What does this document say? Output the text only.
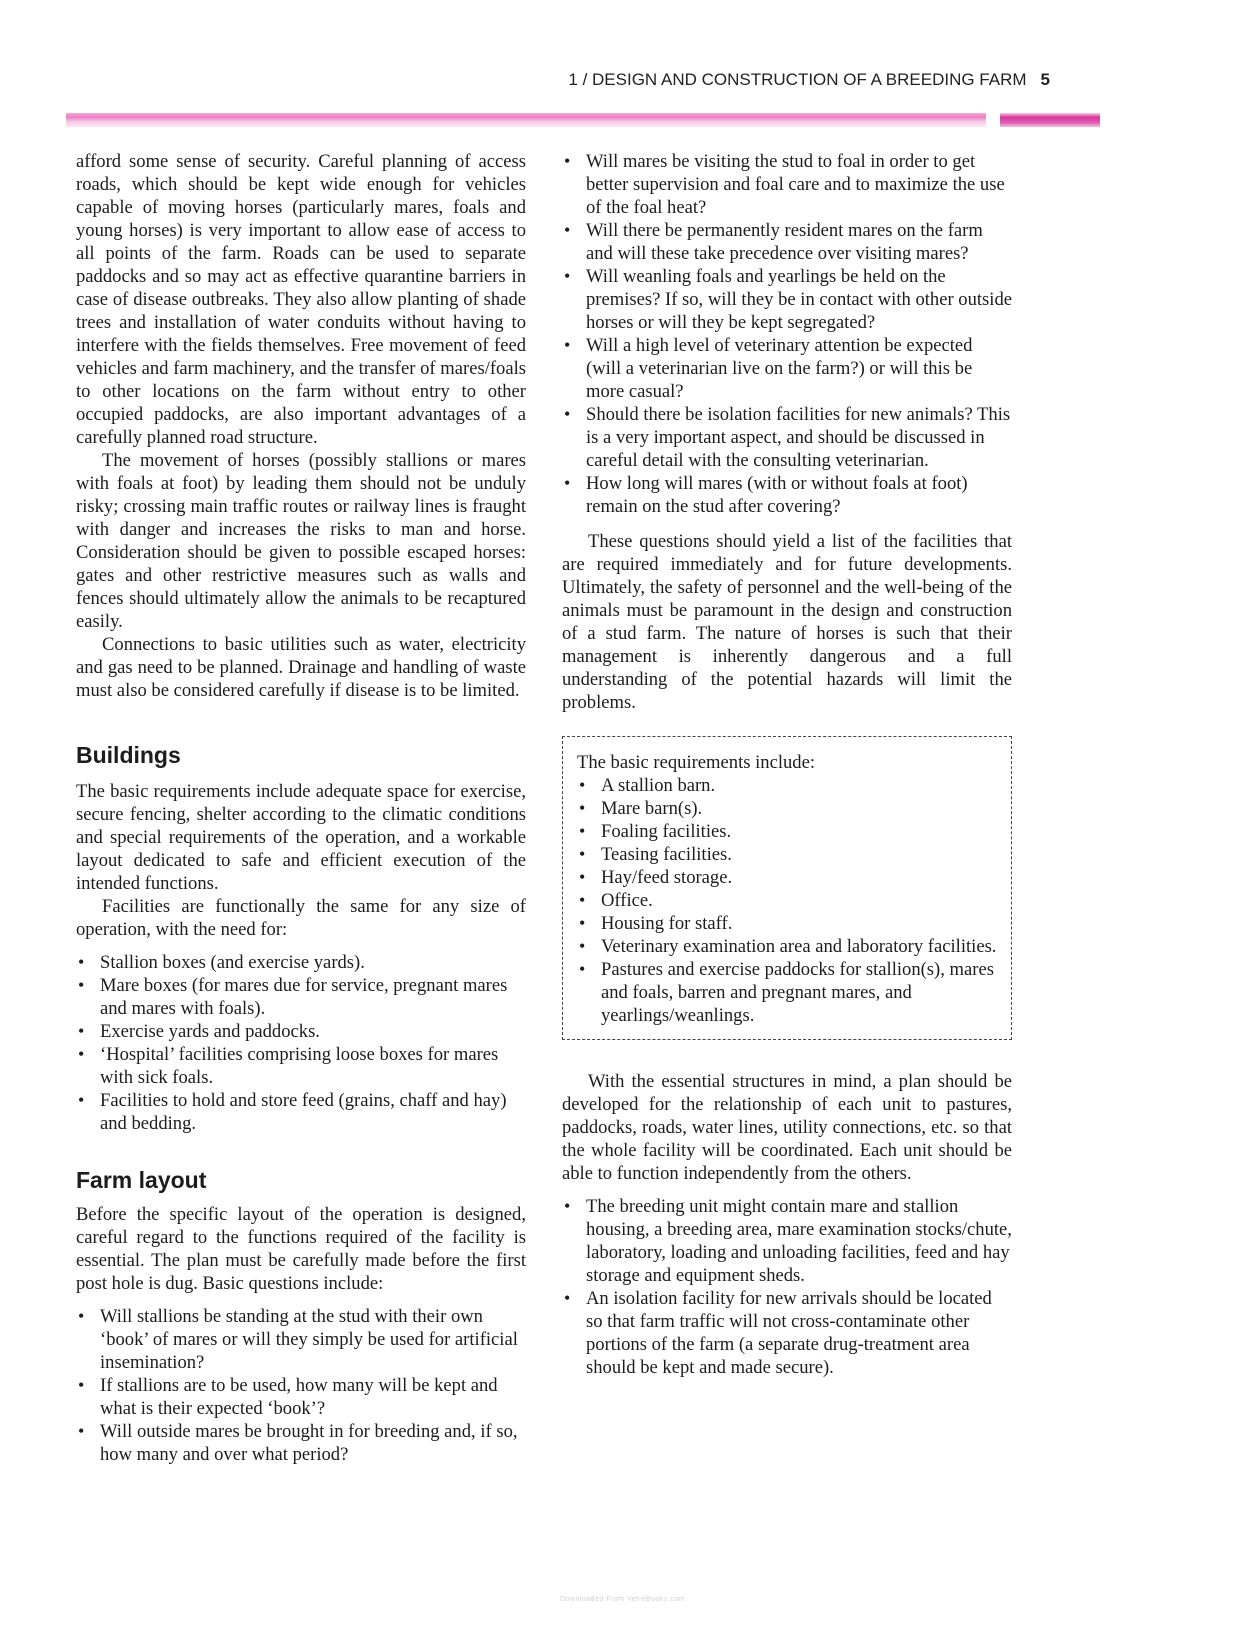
1 / DESIGN AND CONSTRUCTION OF A BREEDING FARM 5

afford some sense of security. Careful planning of access roads, which should be kept wide enough for vehicles capable of moving horses (particularly mares, foals and young horses) is very important to allow ease of access to all points of the farm. Roads can be used to separate paddocks and so may act as effective quarantine barriers in case of disease outbreaks. They also allow planting of shade trees and installation of water conduits without having to interfere with the fields themselves. Free movement of feed vehicles and farm machinery, and the transfer of mares/foals to other locations on the farm without entry to other occupied paddocks, are also important advantages of a carefully planned road structure.

The movement of horses (possibly stallions or mares with foals at foot) by leading them should not be unduly risky; crossing main traffic routes or railway lines is fraught with danger and increases the risks to man and horse. Consideration should be given to possible escaped horses: gates and other restrictive measures such as walls and fences should ultimately allow the animals to be recaptured easily.

Connections to basic utilities such as water, electricity and gas need to be planned. Drainage and handling of waste must also be considered carefully if disease is to be limited.

Buildings

The basic requirements include adequate space for exercise, secure fencing, shelter according to the climatic conditions and special requirements of the operation, and a workable layout dedicated to safe and efficient execution of the intended functions.

Facilities are functionally the same for any size of operation, with the need for:

• Stallion boxes (and exercise yards).
• Mare boxes (for mares due for service, pregnant mares and mares with foals).
• Exercise yards and paddocks.
• ‘Hospital’ facilities comprising loose boxes for mares with sick foals.
• Facilities to hold and store feed (grains, chaff and hay) and bedding.
Farm layout

Before the specific layout of the operation is designed, careful regard to the functions required of the facility is essential. The plan must be carefully made before the first post hole is dug. Basic questions include:

• Will stallions be standing at the stud with their own ‘book’ of mares or will they simply be used for artificial insemination?
• If stallions are to be used, how many will be kept and what is their expected ‘book’?
• Will outside mares be brought in for breeding and, if so, how many and over what period?
• Will mares be visiting the stud to foal in order to get better supervision and foal care and to maximize the use of the foal heat?
• Will there be permanently resident mares on the farm and will these take precedence over visiting mares?
• Will weanling foals and yearlings be held on the premises? If so, will they be in contact with other outside horses or will they be kept segregated?
• Will a high level of veterinary attention be expected (will a veterinarian live on the farm?) or will this be more casual?
• Should there be isolation facilities for new animals? This is a very important aspect, and should be discussed in careful detail with the consulting veterinarian.
• How long will mares (with or without foals at foot) remain on the stud after covering?

These questions should yield a list of the facilities that are required immediately and for future developments. Ultimately, the safety of personnel and the well-being of the animals must be paramount in the design and construction of a stud farm. The nature of horses is such that their management is inherently dangerous and a full understanding of the potential hazards will limit the problems.

The basic requirements include:

• A stallion barn.
• Mare barn(s).
• Foaling facilities.
• Teasing facilities.
• Hay/feed storage.
• Office.
• Housing for staff.
• Veterinary examination area and laboratory facilities.
• Pastures and exercise paddocks for stallion(s), mares and foals, barren and pregnant mares, and yearlings/weanlings.

With the essential structures in mind, a plan should be developed for the relationship of each unit to pastures, paddocks, roads, water lines, utility connections, etc. so that the whole facility will be coordinated. Each unit should be able to function independently from the others.

• The breeding unit might contain mare and stallion housing, a breeding area, mare examination stocks/chute, laboratory, loading and unloading facilities, feed and hay storage and equipment sheds.
• An isolation facility for new arrivals should be located so that farm traffic will not cross-contaminate other portions of the farm (a separate drug-treatment area should be kept and made secure).
Downloaded From Vet-eBooks.com
